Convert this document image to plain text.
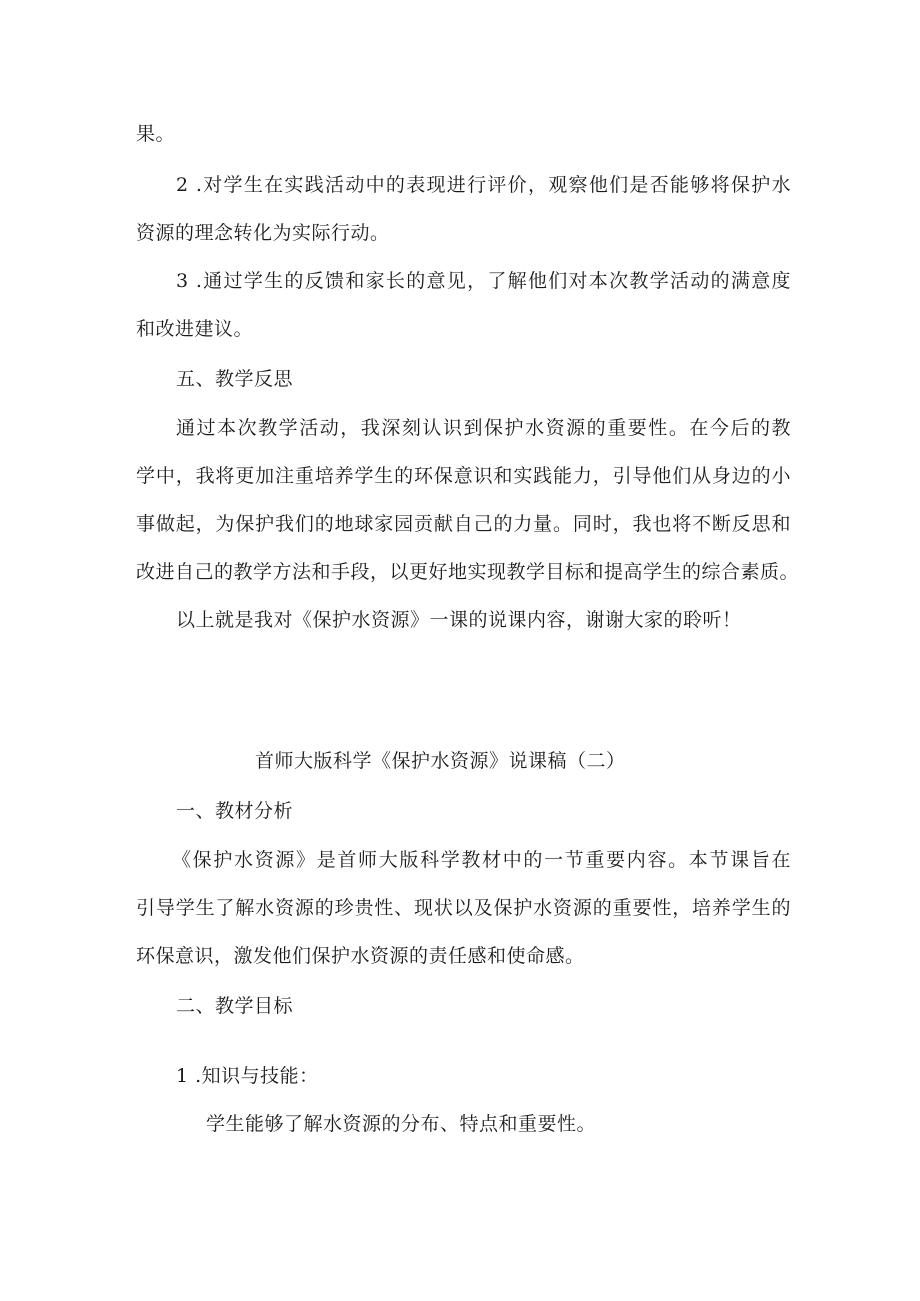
果。
2 .对学生在实践活动中的表现进行评价，观察他们是否能够将保护水
资源的理念转化为实际行动。
3 .通过学生的反馈和家长的意见，了解他们对本次教学活动的满意度
和改进建议。
五、教学反思
通过本次教学活动，我深刻认识到保护水资源的重要性。在今后的教
学中，我将更加注重培养学生的环保意识和实践能力，引导他们从身边的小
事做起，为保护我们的地球家园贡献自己的力量。同时，我也将不断反思和
改进自己的教学方法和手段，以更好地实现教学目标和提高学生的综合素质。
以上就是我对《保护水资源》一课的说课内容，谢谢大家的聆听！
首师大版科学《保护水资源》说课稿（二）
一、教材分析
《保护水资源》是首师大版科学教材中的一节重要内容。本节课旨在
引导学生了解水资源的珍贵性、现状以及保护水资源的重要性，培养学生的
环保意识，激发他们保护水资源的责任感和使命感。
二、教学目标
1 .知识与技能：
学生能够了解水资源的分布、特点和重要性。
